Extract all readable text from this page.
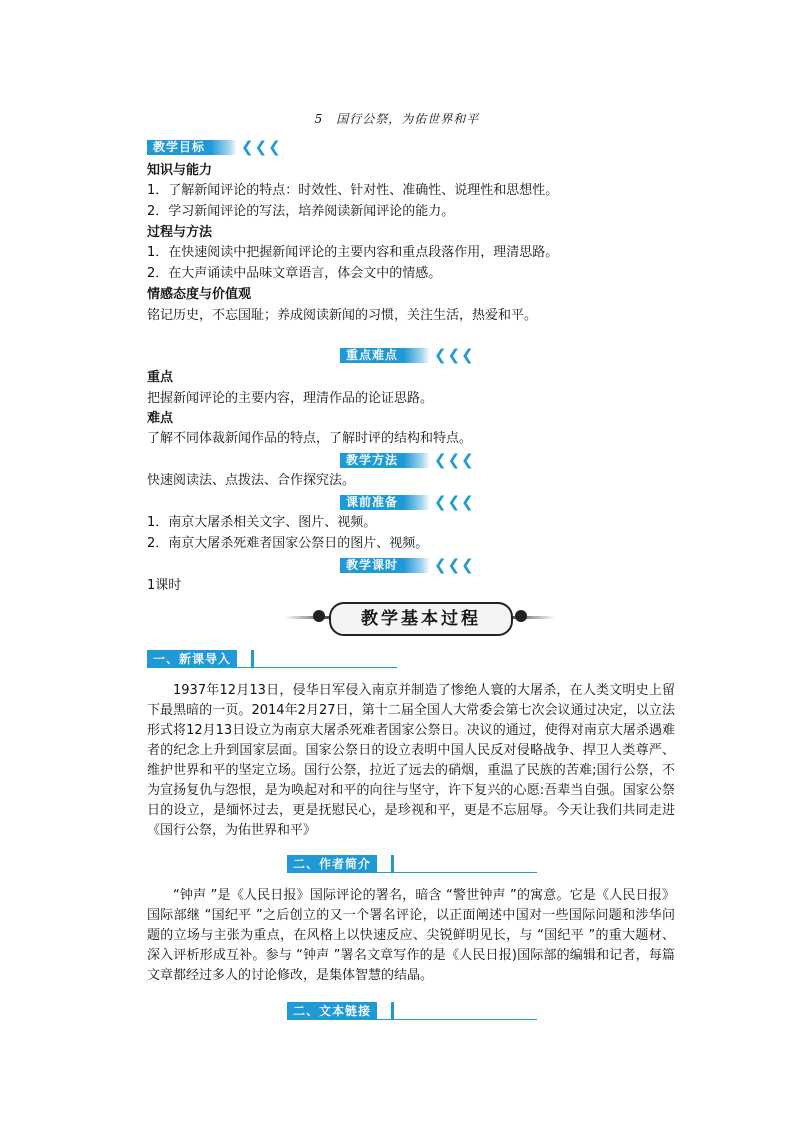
5　国行公祭，为佑世界和平
教学目标	❮❮❮
知识与能力
1．了解新闻评论的特点：时效性、针对性、准确性、说理性和思想性。
2．学习新闻评论的写法，培养阅读新闻评论的能力。
过程与方法
1．在快速阅读中把握新闻评论的主要内容和重点段落作用，理清思路。
2．在大声诵读中品味文章语言，体会文中的情感。
情感态度与价值观
铭记历史，不忘国耻；养成阅读新闻的习惯，关注生活，热爱和平。
重点难点	❮❮❮
重点
把握新闻评论的主要内容，理清作品的论证思路。
难点
了解不同体裁新闻作品的特点，了解时评的结构和特点。
教学方法	❮❮❮
快速阅读法、点拨法、合作探究法。
课前准备	❮❮❮
1．南京大屠杀相关文字、图片、视频。
2．南京大屠杀死难者国家公祭日的图片、视频。
教学课时	❮❮❮
1课时
教学基本过程
一、新课导入

1937年12月13日，侵华日军侵入南京并制造了惨绝人寰的大屠杀，在人类文明史上留下最黑暗的一页。2014年2月27日，第十二届全国人大常委会第七次会议通过决定，以立法形式将12月13日设立为南京大屠杀死难者国家公祭日。决议的通过，使得对南京大屠杀遇难者的纪念上升到国家层面。国家公祭日的设立表明中国人民反对侵略战争、捍卫人类尊严、维护世界和平的坚定立场。国行公祭，拉近了远去的硝烟，重温了民族的苦难;国行公祭，不为宣扬复仇与怨恨，是为唤起对和平的向往与坚守，许下复兴的心愿:吾辈当自强。国家公祭日的设立，是缅怀过去，更是抚慰民心，是珍视和平，更是不忘屈辱。今天让我们共同走进《国行公祭，为佑世界和平》

二、作者简介

“钟声 ”是《人民日报》国际评论的署名，暗含 “警世钟声 ”的寓意。它是《人民日报》国际部继 “国纪平 ”之后创立的又一个署名评论，以正面阐述中国对一些国际问题和涉华问题的立场与主张为重点，在风格上以快速反应、尖锐鲜明见长，与 “国纪平 ”的重大题材、深入评析形成互补。参与 “钟声 ”署名文章写作的是《人民日报)国际部的编辑和记者，每篇文章都经过多人的讨论修改，是集体智慧的结晶。

二、文本链接
